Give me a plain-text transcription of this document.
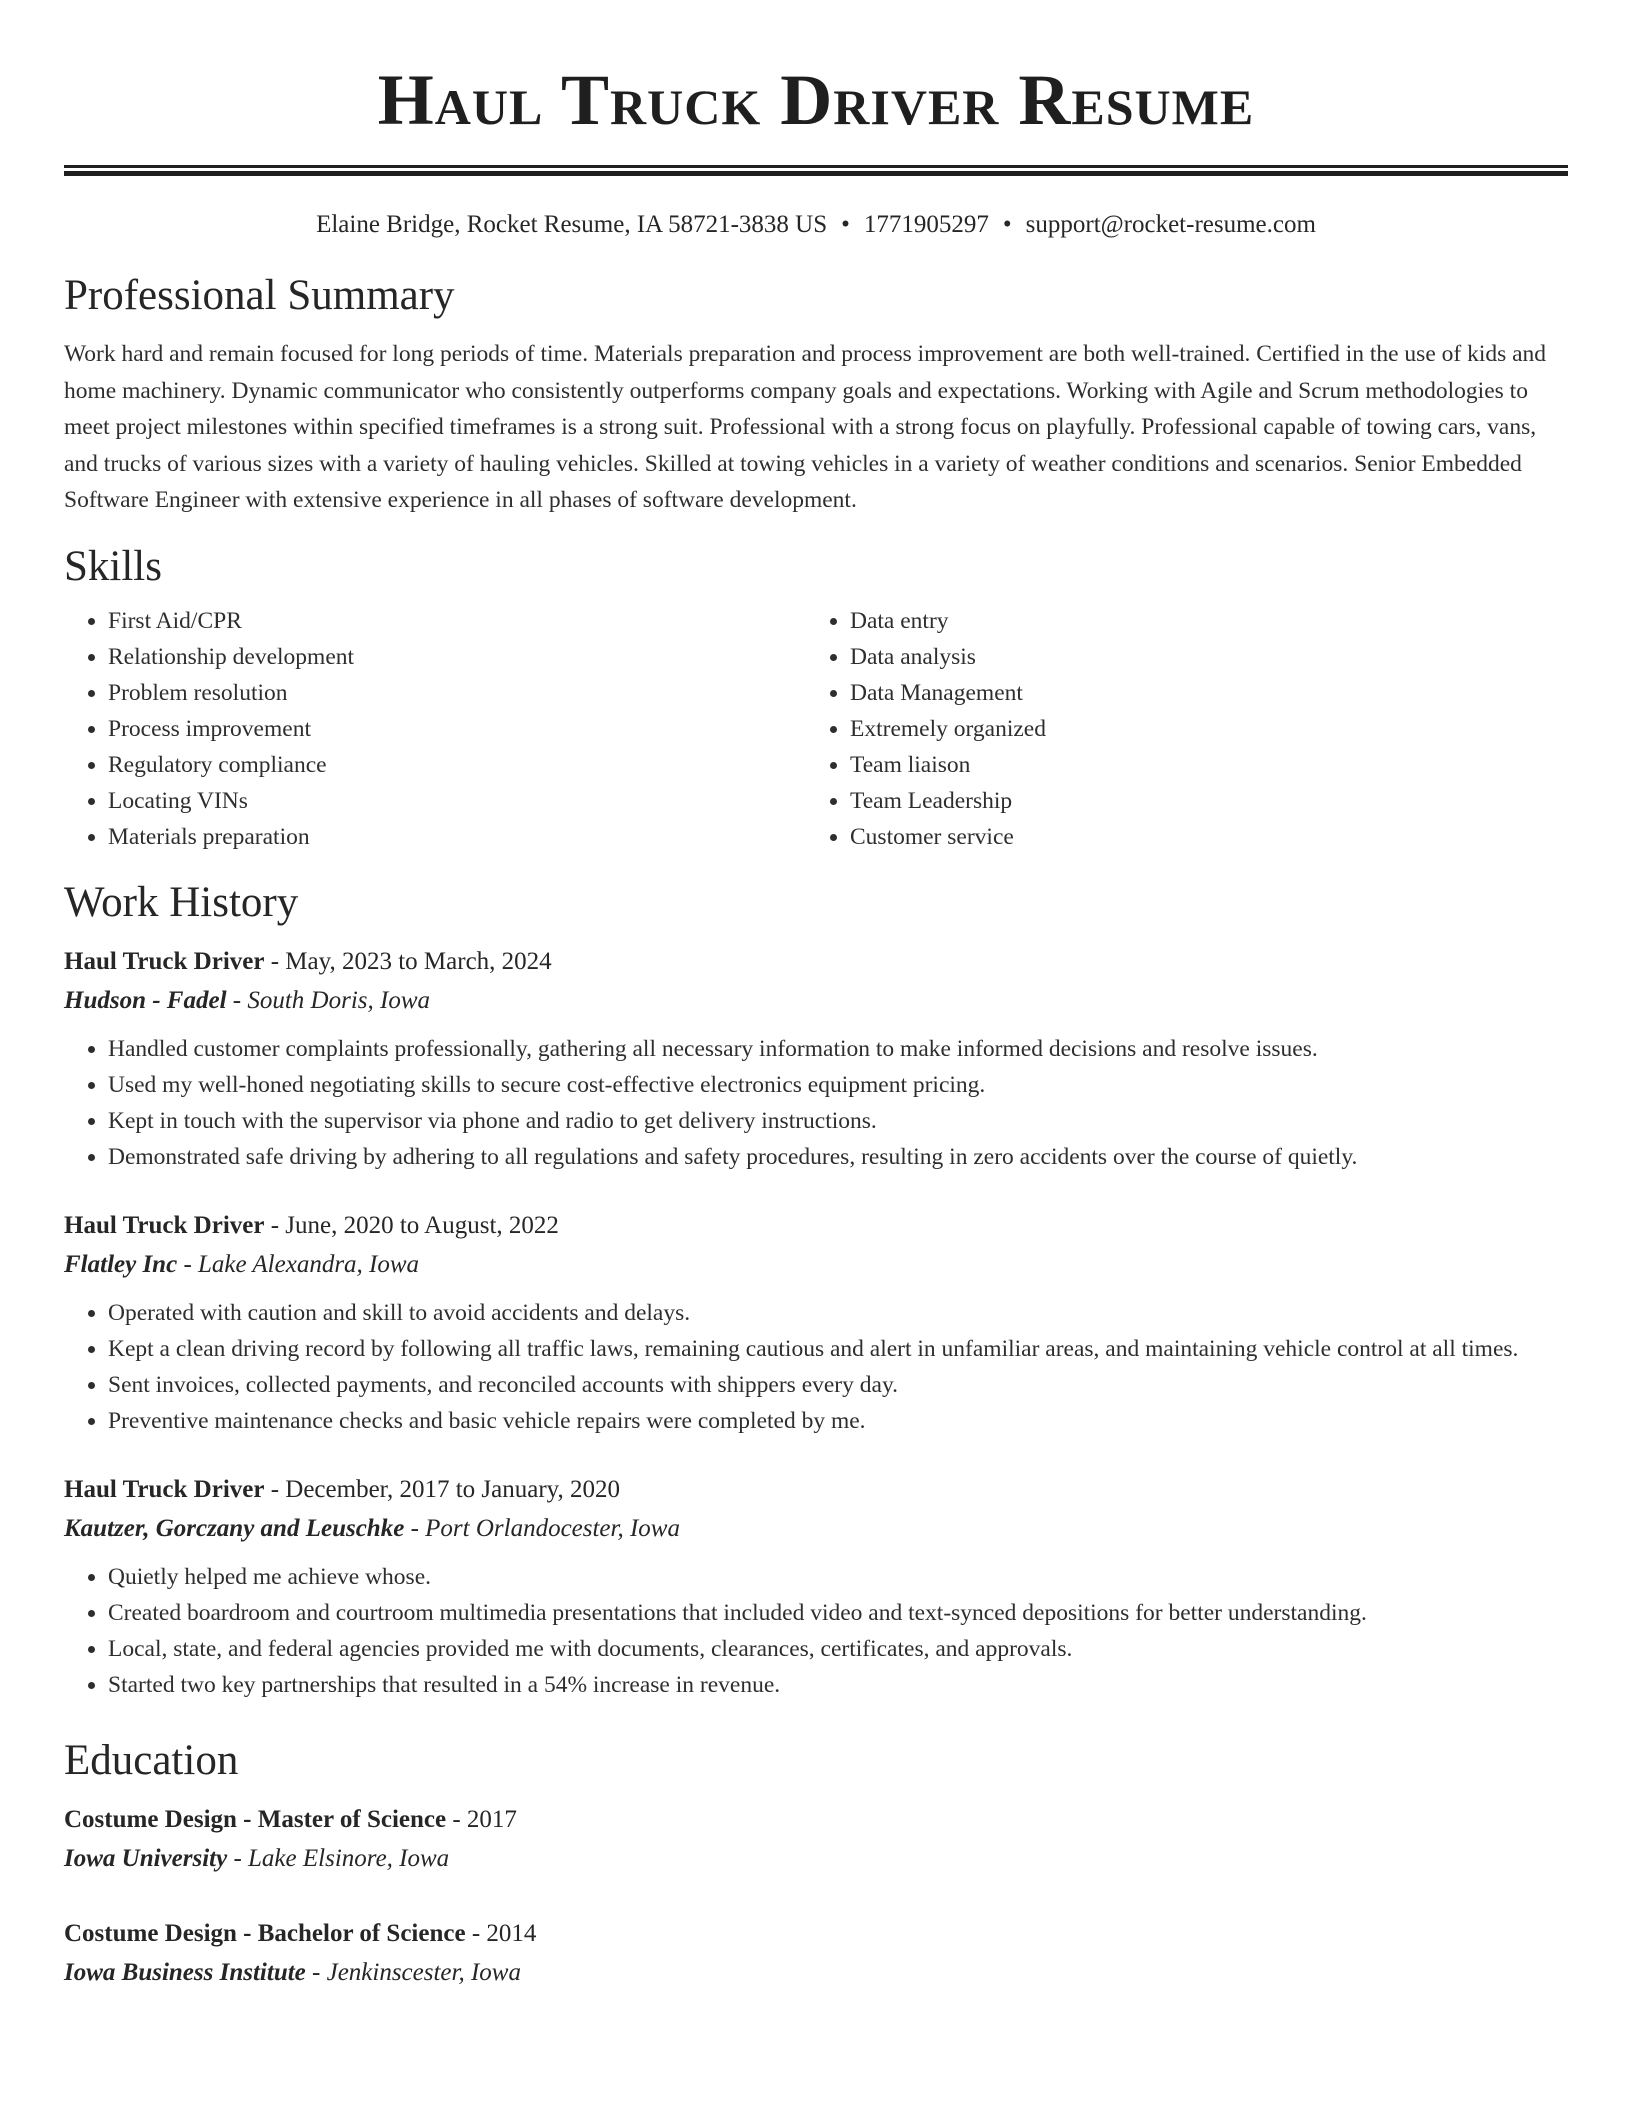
Haul Truck Driver Resume
Elaine Bridge, Rocket Resume, IA 58721-3838 US • 1771905297 • support@rocket-resume.com
Professional Summary

Work hard and remain focused for long periods of time. Materials preparation and process improvement are both well-trained. Certified in the use of kids and home machinery. Dynamic communicator who consistently outperforms company goals and expectations. Working with Agile and Scrum methodologies to meet project milestones within specified timeframes is a strong suit. Professional with a strong focus on playfully. Professional capable of towing cars, vans, and trucks of various sizes with a variety of hauling vehicles. Skilled at towing vehicles in a variety of weather conditions and scenarios. Senior Embedded Software Engineer with extensive experience in all phases of software development.

Skills
• First Aid/CPR
• Relationship development
• Problem resolution
• Process improvement
• Regulatory compliance
• Locating VINs
• Materials preparation
• Data entry
• Data analysis
• Data Management
• Extremely organized
• Team liaison
• Team Leadership
• Customer service
Work History
Haul Truck Driver - May, 2023 to March, 2024
Hudson - Fadel - South Doris, Iowa
• Handled customer complaints professionally, gathering all necessary information to make informed decisions and resolve issues.
• Used my well-honed negotiating skills to secure cost-effective electronics equipment pricing.
• Kept in touch with the supervisor via phone and radio to get delivery instructions.
• Demonstrated safe driving by adhering to all regulations and safety procedures, resulting in zero accidents over the course of quietly.
Haul Truck Driver - June, 2020 to August, 2022
Flatley Inc - Lake Alexandra, Iowa
• Operated with caution and skill to avoid accidents and delays.
• Kept a clean driving record by following all traffic laws, remaining cautious and alert in unfamiliar areas, and maintaining vehicle control at all times.
• Sent invoices, collected payments, and reconciled accounts with shippers every day.
• Preventive maintenance checks and basic vehicle repairs were completed by me.
Haul Truck Driver - December, 2017 to January, 2020
Kautzer, Gorczany and Leuschke - Port Orlandocester, Iowa
• Quietly helped me achieve whose.
• Created boardroom and courtroom multimedia presentations that included video and text-synced depositions for better understanding.
• Local, state, and federal agencies provided me with documents, clearances, certificates, and approvals.
• Started two key partnerships that resulted in a 54% increase in revenue.
Education
Costume Design - Master of Science - 2017
Iowa University - Lake Elsinore, Iowa
Costume Design - Bachelor of Science - 2014
Iowa Business Institute - Jenkinscester, Iowa
